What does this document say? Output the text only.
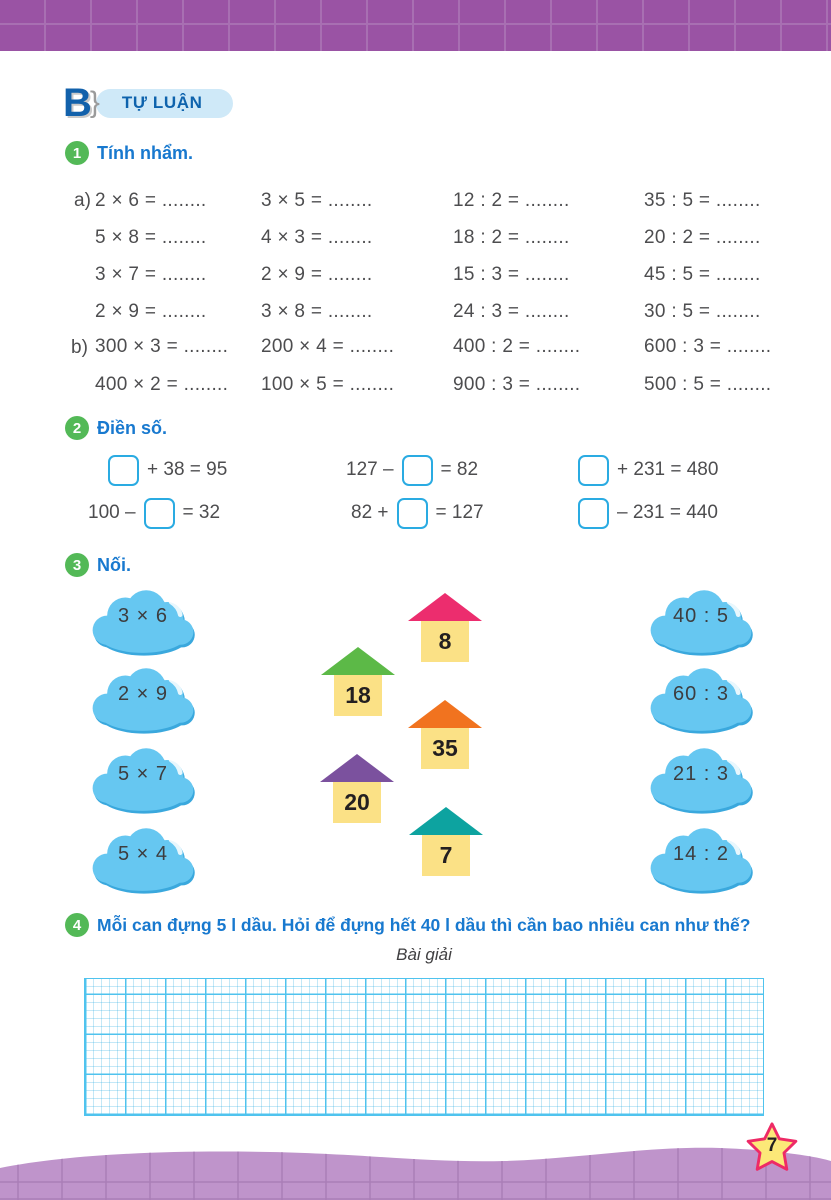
B
} TỰ LUẬN
1 Tính nhẩm.
a) 2 × 6 = ........	3 × 5 = ........	12 : 2 = ........	35 : 5 = ........
5 × 8 = ........	4 × 3 = ........	18 : 2 = ........	20 : 2 = ........
3 × 7 = ........	2 × 9 = ........	15 : 3 = ........	45 : 5 = ........
2 × 9 = ........	3 × 8 = ........	24 : 3 = ........	30 : 5 = ........
b) 300 × 3 = ........	200 × 4 = ........	400 : 2 = ........	600 : 3 = ........
400 × 2 = ........	100 × 5 = ........	900 : 3 = ........	500 : 5 = ........
2 Điền số.
+ 38 = 95	127 – = 82	+ 231 = 480
100 – = 32	82 + = 127	– 231 = 440
3 Nối.
3 × 6
2 × 9
5 × 7
5 × 4
40 : 5
60 : 3
21 : 3
14 : 2
8
18
35
20
7
4 Mỗi can đựng 5 l dầu. Hỏi để đựng hết 40 l dầu thì cần bao nhiêu can như thế?
Bài giải
7
